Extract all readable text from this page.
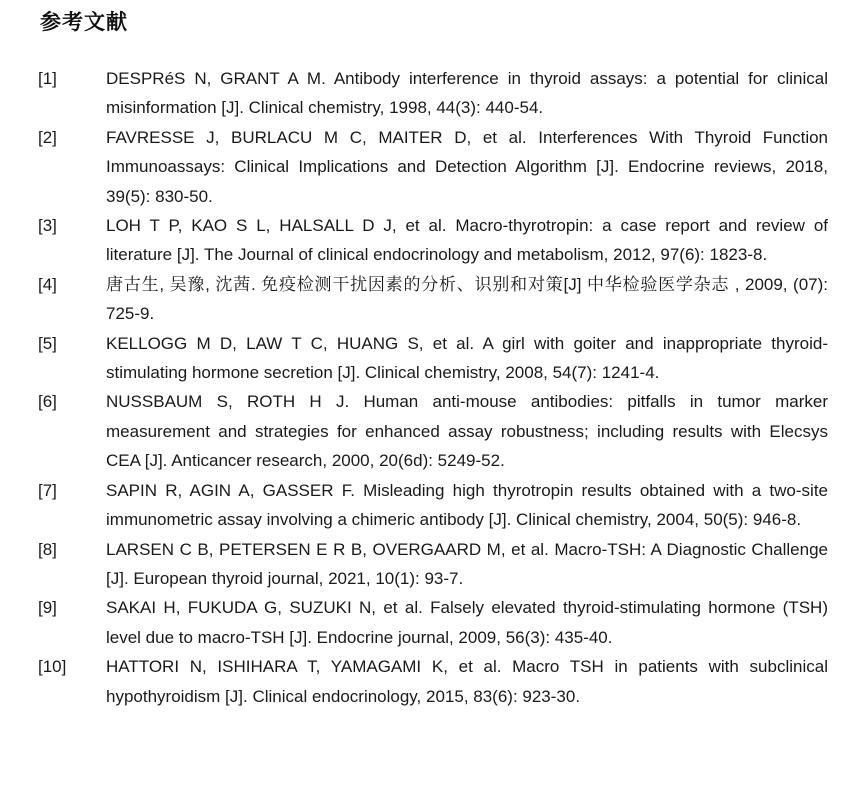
参考文献
[1]	DESPRéS N, GRANT A M. Antibody interference in thyroid assays: a potential for clinical misinformation [J]. Clinical chemistry, 1998, 44(3): 440-54.
[2]	FAVRESSE J, BURLACU M C, MAITER D, et al. Interferences With Thyroid Function Immunoassays: Clinical Implications and Detection Algorithm [J]. Endocrine reviews, 2018, 39(5): 830-50.
[3]	LOH T P, KAO S L, HALSALL D J, et al. Macro-thyrotropin: a case report and review of literature [J]. The Journal of clinical endocrinology and metabolism, 2012, 97(6): 1823-8.
[4]	唐古生, 吴豫, 沈茜. 免疫检测干扰因素的分析、识别和对策[J] 中华检验医学杂志 , 2009, (07): 725-9.
[5]	KELLOGG M D, LAW T C, HUANG S, et al. A girl with goiter and inappropriate thyroid-stimulating hormone secretion [J]. Clinical chemistry, 2008, 54(7): 1241-4.
[6]	NUSSBAUM S, ROTH H J. Human anti-mouse antibodies: pitfalls in tumor marker measurement and strategies for enhanced assay robustness; including results with Elecsys CEA [J]. Anticancer research, 2000, 20(6d): 5249-52.
[7]	SAPIN R, AGIN A, GASSER F. Misleading high thyrotropin results obtained with a two-site immunometric assay involving a chimeric antibody [J]. Clinical chemistry, 2004, 50(5): 946-8.
[8]	LARSEN C B, PETERSEN E R B, OVERGAARD M, et al. Macro-TSH: A Diagnostic Challenge [J]. European thyroid journal, 2021, 10(1): 93-7.
[9]	SAKAI H, FUKUDA G, SUZUKI N, et al. Falsely elevated thyroid-stimulating hormone (TSH) level due to macro-TSH [J]. Endocrine journal, 2009, 56(3): 435-40.
[10]	HATTORI N, ISHIHARA T, YAMAGAMI K, et al. Macro TSH in patients with subclinical hypothyroidism [J]. Clinical endocrinology, 2015, 83(6): 923-30.
